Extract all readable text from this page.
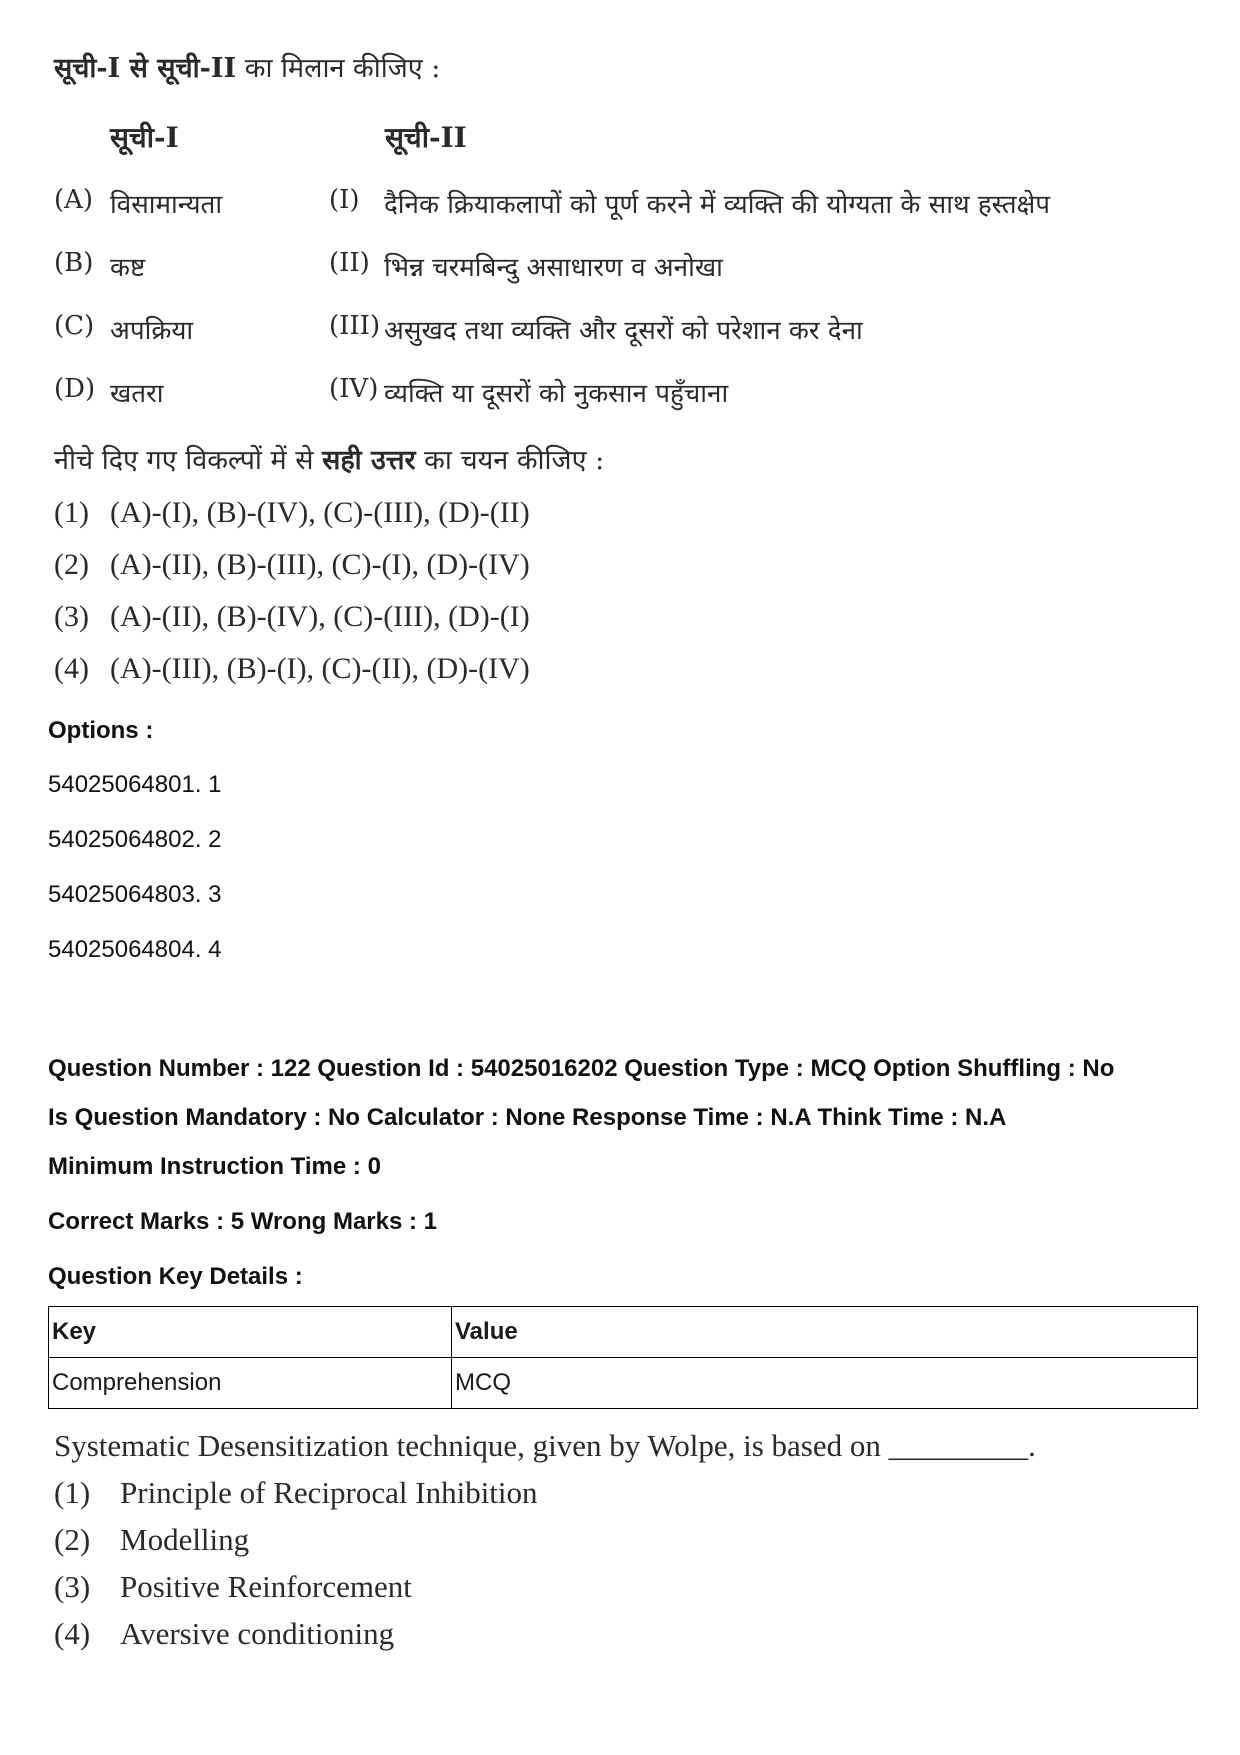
सूची-I से सूची-II का मिलान कीजिए :
सूची-I	सूची-II
(A) विसामान्यता	(I) दैनिक क्रियाकलापों को पूर्ण करने में व्यक्ति की योग्यता के साथ हस्तक्षेप
(B) कष्ट	(II) भिन्न चरमबिन्दु असाधारण व अनोखा
(C) अपक्रिया	(III) असुखद तथा व्यक्ति और दूसरों को परेशान कर देना
(D) खतरा	(IV) व्यक्ति या दूसरों को नुकसान पहुँचाना
नीचे दिए गए विकल्पों में से सही उत्तर का चयन कीजिए :
(1) (A)-(I), (B)-(IV), (C)-(III), (D)-(II)
(2) (A)-(II), (B)-(III), (C)-(I), (D)-(IV)
(3) (A)-(II), (B)-(IV), (C)-(III), (D)-(I)
(4) (A)-(III), (B)-(I), (C)-(II), (D)-(IV)
Options :
54025064801. 1
54025064802. 2
54025064803. 3
54025064804. 4
Question Number : 122 Question Id : 54025016202 Question Type : MCQ Option Shuffling : No
Is Question Mandatory : No Calculator : None Response Time : N.A Think Time : N.A
Minimum Instruction Time : 0
Correct Marks : 5 Wrong Marks : 1
Question Key Details :
Key	Value
Comprehension	MCQ
Systematic Desensitization technique, given by Wolpe, is based on _________.
(1) Principle of Reciprocal Inhibition
(2) Modelling
(3) Positive Reinforcement
(4) Aversive conditioning
